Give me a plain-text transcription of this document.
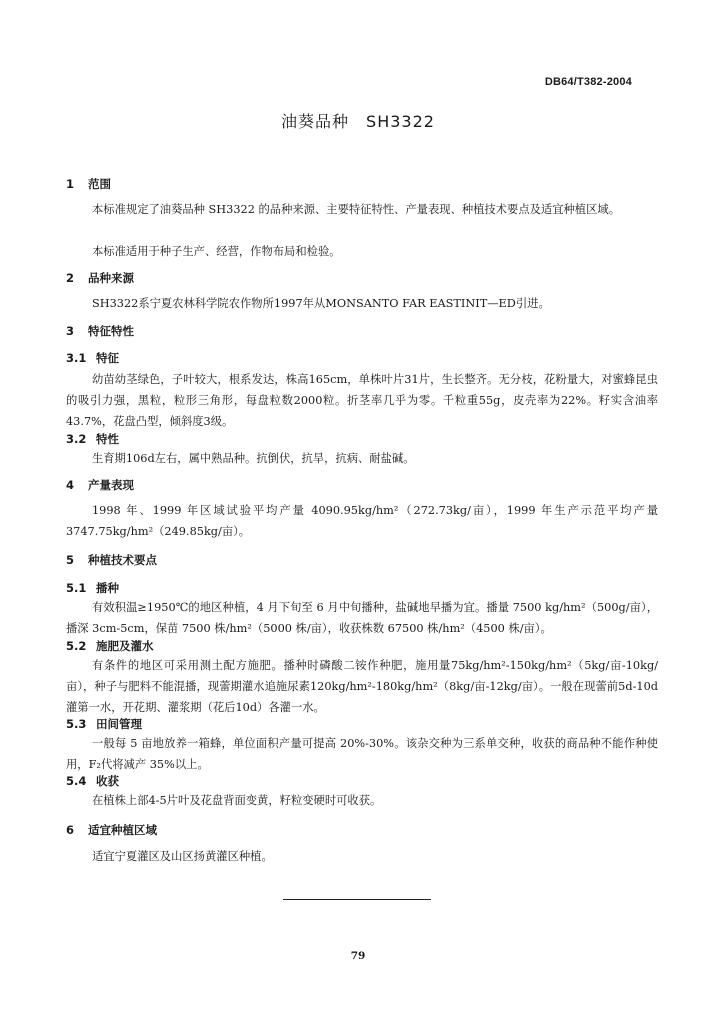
DB64/T382-2004
油葵品种　SH3322
1 范围
本标准规定了油葵品种 SH3322 的品种来源、主要特征特性、产量表现、种植技术要点及适宜种植区域。
本标准适用于种子生产、经营，作物布局和检验。
2 品种来源
SH3322系宁夏农林科学院农作物所1997年从MONSANTO FAR EASTINIT—ED引进。
3 特征特性
3.1 特征
幼苗幼茎绿色，子叶较大，根系发达，株高165cm，单株叶片31片，生长整齐。无分枝，花粉量大，对蜜蜂昆虫的吸引力强，黑粒，粒形三角形，每盘粒数2000粒。折茎率几乎为零。千粒重55g，皮壳率为22%。籽实含油率43.7%，花盘凸型，倾斜度3级。
3.2 特性
生育期106d左右，属中熟品种。抗倒伏，抗旱，抗病、耐盐碱。
4 产量表现
1998 年、1999 年区域试验平均产量 4090.95kg/hm²（272.73kg/亩），1999 年生产示范平均产量3747.75kg/hm²（249.85kg/亩）。
5 种植技术要点
5.1 播种
有效积温≥1950℃的地区种植，4 月下旬至 6 月中旬播种，盐碱地早播为宜。播量 7500 kg/hm²（500g/亩），播深 3cm-5cm，保苗 7500 株/hm²（5000 株/亩），收获株数 67500 株/hm²（4500 株/亩）。
5.2 施肥及灌水
有条件的地区可采用测土配方施肥。播种时磷酸二铵作种肥，施用量75kg/hm²-150kg/hm²（5kg/亩-10kg/亩），种子与肥料不能混播，现蕾期灌水追施尿素120kg/hm²-180kg/hm²（8kg/亩-12kg/亩）。一般在现蕾前5d-10d灌第一水，开花期、灌浆期（花后10d）各灌一水。
5.3 田间管理
一般每 5 亩地放养一箱蜂，单位面积产量可提高 20%-30%。该杂交种为三系单交种，收获的商品种不能作种使用，F₂代将减产 35%以上。
5.4 收获
在植株上部4-5片叶及花盘背面变黄，籽粒变硬时可收获。
6 适宜种植区域
适宜宁夏灌区及山区扬黄灌区种植。
79
